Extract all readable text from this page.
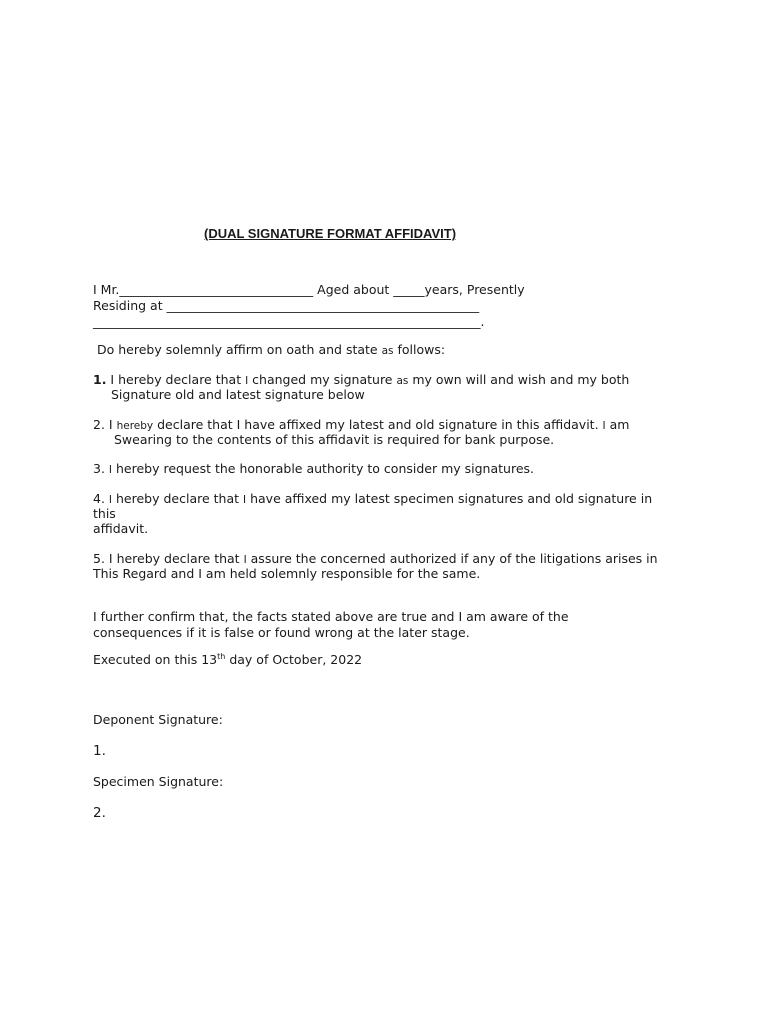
(DUAL SIGNATURE FORMAT AFFIDAVIT)
I Mr._______________________________ Aged about _____years, Presently
Residing at __________________________________________________
______________________________________________________________.
Do hereby solemnly affirm on oath and state as follows:
1. I hereby declare that I changed my signature as my own will and wish and my both
Signature old and latest signature below
2. I hereby declare that I have affixed my latest and old signature in this affidavit. I am
Swearing to the contents of this affidavit is required for bank purpose.
3. I hereby request the honorable authority to consider my signatures.
4. I hereby declare that I have affixed my latest specimen signatures and old signature in
this
affidavit.
5. I hereby declare that I assure the concerned authorized if any of the litigations arises in
This Regard and I am held solemnly responsible for the same.
I further confirm that, the facts stated above are true and I am aware of the
consequences if it is false or found wrong at the later stage.
Executed on this 13th day of October, 2022
Deponent Signature:
1.
Specimen Signature:
2.
